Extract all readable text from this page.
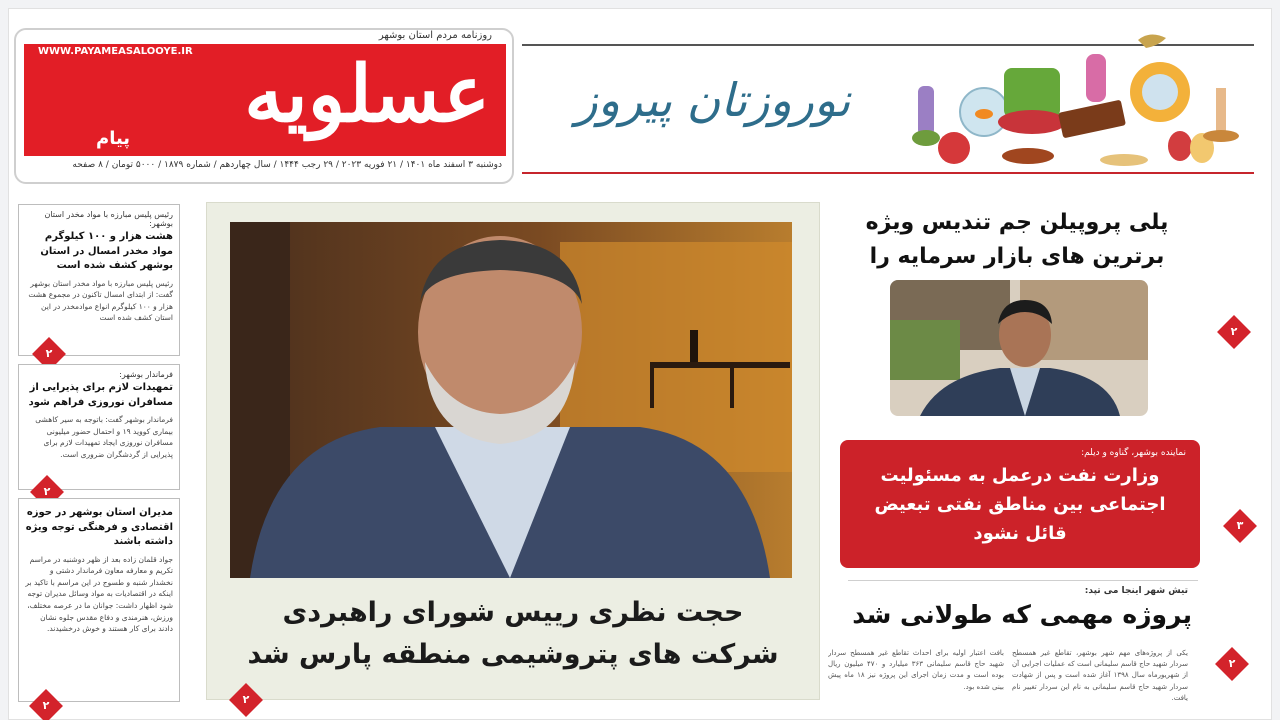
روزنامه مردم استان بوشهر
WWW.PAYAMEASALOOYE.IR عسلویه
پیام
دوشنبه ۳ اسفند ماه ۱۴۰۱ / ۲۱ فوریه ۲۰۲۳ / ۲۹ رجب ۱۴۴۴ / سال چهاردهم / شماره ۱۸۷۹ / ۵۰۰۰ تومان / ۸ صفحه
نوروزتان پیروز
رئیس پلیس مبارزه با مواد مخدر استان بوشهر:
هشت هزار و ۱۰۰ کیلوگرم مواد مخدر امسال در استان بوشهر کشف شده است
رئیس پلیس مبارزه با مواد مخدر استان بوشهر گفت: از ابتدای امسال تاکنون در مجموع هشت هزار و ۱۰۰ کیلوگرم انواع موادمخدر در این استان کشف شده است
۲
فرماندار بوشهر:
تمهیدات لازم برای پذیرایی از مسافران نوروزی فراهم شود
فرماندار بوشهر گفت: باتوجه به سیر کاهشی بیماری کووید ۱۹ و احتمال حضور میلیونی مسافران نوروزی ایجاد تمهیدات لازم برای پذیرایی از گردشگران ضروری است.
۲
مدیران استان بوشهر در حوزه اقتصادی و فرهنگی توجه ویژه داشته باشند
جواد قلمان زاده بعد از ظهر دوشنبه در مراسم تکریم و معارفه معاون فرماندار دشتی و نخشدار شنبه و طسوج در این مراسم با تاکید بر اینکه در اقتصادیات به مواد وسائل مدیران توجه شود اظهار داشت: جوانان ما در عرصه مختلف، ورزش، هنرمندی و دفاع مقدس جلوه نشان دادند برای کار هستند و خوش درخشیدند.
۲
حجت نظری رییس شورای راهبردی
شرکت های پتروشیمی منطقه پارس شد
۲
پلی پروپیلن جم تندیس ویژه
برترین های بازار سرمایه را
۲
نماینده بوشهر، گناوه و دیلم:
وزارت نفت درعمل به مسئولیت
اجتماعی بین مناطق نفتی تبعیض
قائل نشود	۳
تیش شهر اینجا می تپد:
پروژه مهمی که طولانی شد
یکی از پروژه‌های مهم شهر بوشهر، تقاطع غیر همسطح سردار شهید حاج قاسم سلیمانی است که عملیات اجرایی آن از شهریورماه سال ۱۳۹۸ آغاز شده است و پس از شهادت سردار شهید حاج قاسم سلیمانی به نام این سردار تغییر نام یافت.
بافت اعتبار اولیه برای احداث تقاطع غیر همسطح سردار شهید حاج قاسم سلیمانی ۳۶۳ میلیارد و ۴۷۰ میلیون ریال بوده است و مدت زمان اجرای این پروژه نیز ۱۸ ماه پیش بینی شده بود.
۲
